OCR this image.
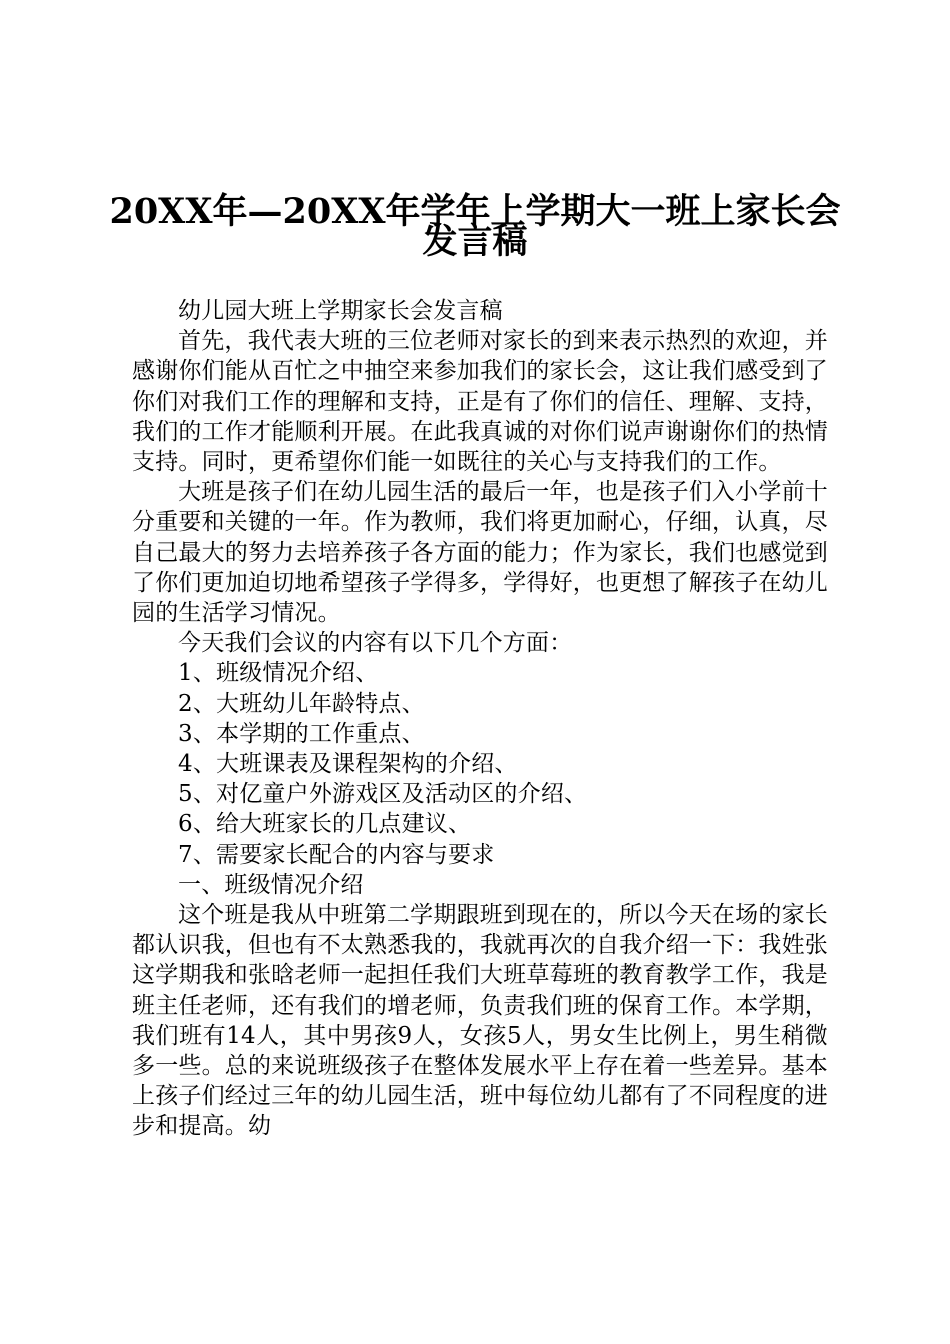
20XX年—20XX年学年上学期大一班上家长会
发言稿

幼儿园大班上学期家长会发言稿

首先，我代表大班的三位老师对家长的到来表示热烈的欢迎，并感谢你们能从百忙之中抽空来参加我们的家长会，这让我们感受到了你们对我们工作的理解和支持，正是有了你们的信任、理解、支持，我们的工作才能顺利开展。在此我真诚的对你们说声谢谢你们的热情支持。同时，更希望你们能一如既往的关心与支持我们的工作。

大班是孩子们在幼儿园生活的最后一年，也是孩子们入小学前十分重要和关键的一年。作为教师，我们将更加耐心，仔细，认真，尽自己最大的努力去培养孩子各方面的能力；作为家长，我们也感觉到了你们更加迫切地希望孩子学得多，学得好，也更想了解孩子在幼儿园的生活学习情况。

今天我们会议的内容有以下几个方面：

1、班级情况介绍、

2、大班幼儿年龄特点、

3、本学期的工作重点、

4、大班课表及课程架构的介绍、

5、对亿童户外游戏区及活动区的介绍、

6、给大班家长的几点建议、

7、需要家长配合的内容与要求

一、班级情况介绍

这个班是我从中班第二学期跟班到现在的，所以今天在场的家长都认识我，但也有不太熟悉我的，我就再次的自我介绍一下：我姓张这学期我和张晗老师一起担任我们大班草莓班的教育教学工作，我是班主任老师，还有我们的增老师，负责我们班的保育工作。本学期，我们班有14人，其中男孩9人，女孩5人，男女生比例上，男生稍微多一些。总的来说班级孩子在整体发展水平上存在着一些差异。基本上孩子们经过三年的幼儿园生活，班中每位幼儿都有了不同程度的进步和提高。幼
